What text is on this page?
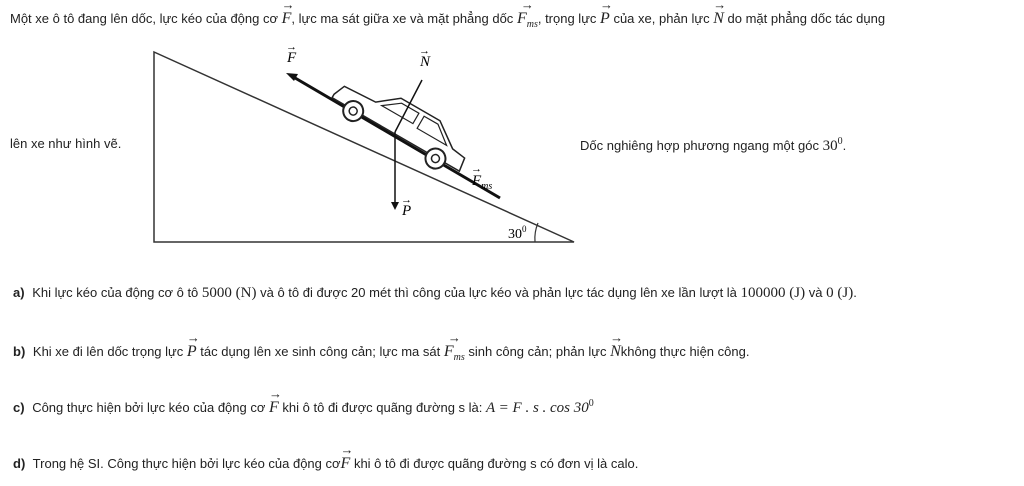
Một xe ô tô đang lên dốc, lực kéo của động cơ → F, lực ma sát giữa xe và mặt phẳng dốc → $F_{ms}$, trọng lực → P của xe, phản lực → N do mặt phẳng dốc tác dụng
lên xe như hình vẽ.	Dốc nghiêng hợp phương ngang một góc $30^0$.
F
→
N
→
$F_{ms}$
→
P
→
$30^0$
a) Khi lực kéo của động cơ ô tô 5000 (N) và ô tô đi được 20 mét thì công của lực kéo và phản lực tác dụng lên xe lần lượt là 100000 (J) và 0 (J).
b) Khi xe đi lên dốc trọng lực → P tác dụng lên xe sinh công cản; lực ma sát → $F_{ms}$ sinh công cản; phản lực → Nkhông thực hiện công.
c) Công thực hiện bởi lực kéo của động cơ → F khi ô tô đi được quãng đường s là: A = F . s . $\cos 30^0$
d) Trong hệ SI. Công thực hiện bởi lực kéo của động cơ→ F khi ô tô đi được quãng đường s có đơn vị là calo.
